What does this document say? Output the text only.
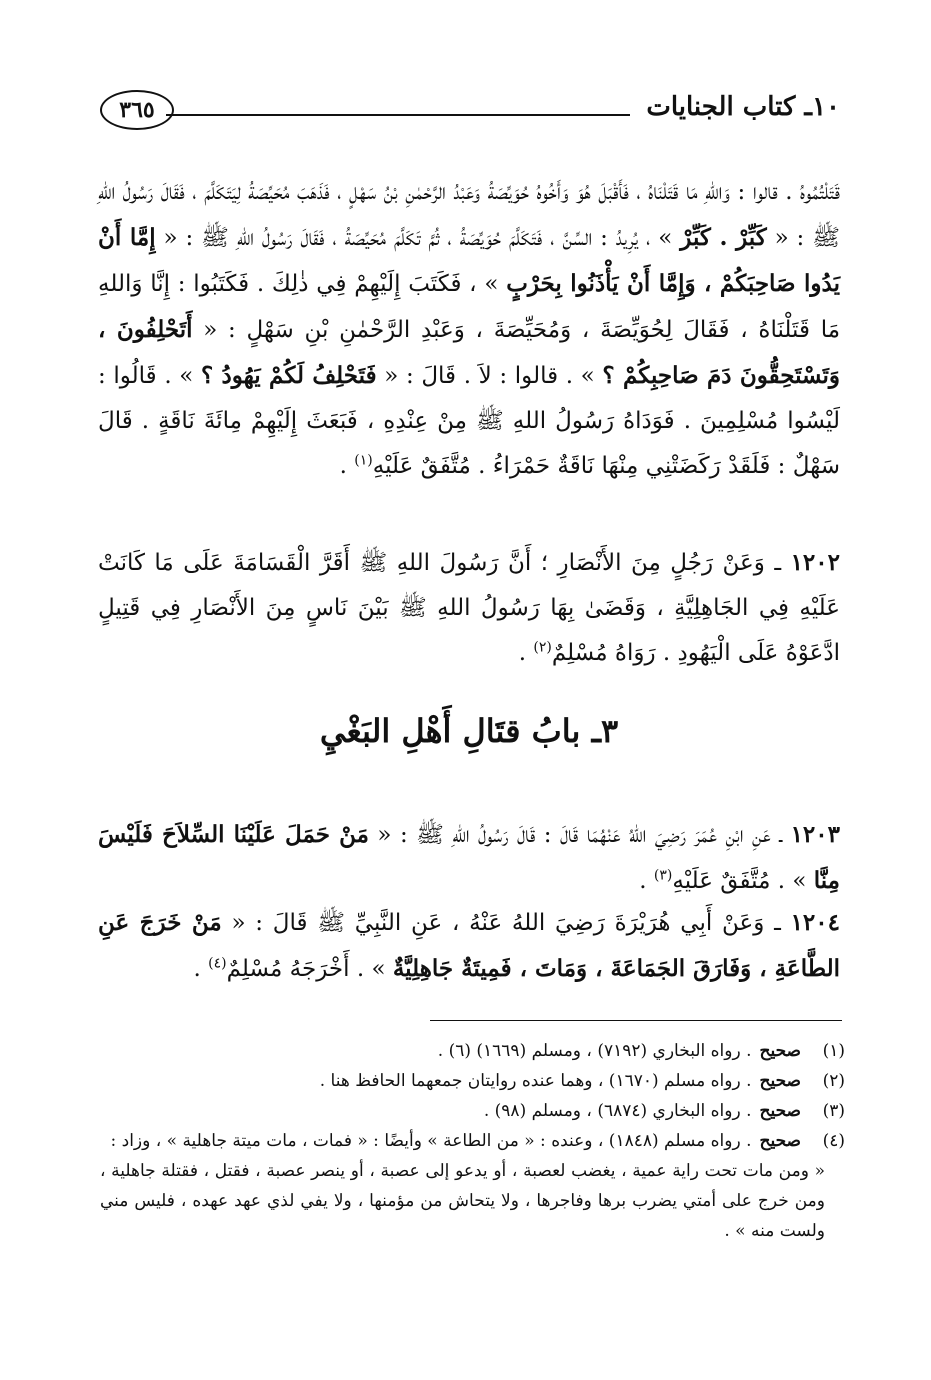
١٠ـ كتاب الجنايات
٣٦٥
قَتَلْتُمُوهُ . قالوا : وَاللهِ مَا قَتَلْنَاهُ ، فَأَقْبَلَ هُوَ وَأَخُوهُ حُوَيِّصَةُ وَعَبْدُ الرَّحْمٰنِ بْنُ سَهْلٍ ، فَذَهَبَ مُحَيِّصَةُ لِيَتَكَلَّمَ ، فَقَالَ رَسُولُ اللهِ ﷺ : « كَبِّرْ . كَبِّرْ » ، يُرِيدُ : السِّنَّ ، فَتَكَلَّمَ حُوَيِّصَةُ ، ثُمَّ تَكَلَّمَ مُحَيِّصَةُ ، فَقَالَ رَسُولُ اللهِ ﷺ : « إِمَّا أَنْ يَدُوا صَاحِبَكُمْ ، وَإِمَّا أَنْ يَأْذَنُوا بِحَرْبٍ » ، فَكَتَبَ إِلَيْهِمْ فِي ذٰلِكَ . فَكَتَبُوا : إِنَّا وَاللهِ مَا قَتَلْنَاهُ ، فَقَالَ لِحُوَيِّصَةَ ، وَمُحَيِّصَةَ ، وَعَبْدِ الرَّحْمٰنِ بْنِ سَهْلٍ : « أَتَحْلِفُونَ ، وَتَسْتَحِقُّونَ دَمَ صَاحِبِكُمْ ؟ » . قالوا : لاَ . قَالَ : « فَتَحْلِفُ لَكُمْ يَهُودُ ؟ » . قَالُوا : لَيْسُوا مُسْلِمِينَ . فَوَدَاهُ رَسُولُ اللهِ ﷺ مِنْ عِنْدِهِ ، فَبَعَثَ إِلَيْهِمْ مِائَةَ نَاقَةٍ . قَالَ سَهْلٌ : فَلَقَدْ رَكَضَتْنِي مِنْهَا نَاقَةٌ حَمْرَاءُ . مُتَّفَقٌ عَلَيْهِ$^{(١)}$ .
١٢٠٢ ـ وَعَنْ رَجُلٍ مِنَ الأَنْصَارِ ؛ أَنَّ رَسُولَ اللهِ ﷺ أَقَرَّ الْقَسَامَةَ عَلَى مَا كَانَتْ عَلَيْهِ فِي الجَاهِلِيَّةِ ، وَقَضَىٰ بِهَا رَسُولُ اللهِ ﷺ بَيْنَ نَاسٍ مِنَ الأَنْصَارِ فِي قَتِيلٍ ادَّعَوْهُ عَلَى الْيَهُودِ . رَوَاهُ مُسْلِمٌ$^{(٢)}$ .
٣ـ بابُ قتَالِ أَهْلِ البَغْيِ
١٢٠٣ ـ عَنِ ابْنِ عُمَرَ رَضِيَ اللهُ عَنْهُمَا قَالَ : قَالَ رَسُولُ اللهِ ﷺ : « مَنْ حَمَلَ عَلَيْنَا السِّلاَحَ فَلَيْسَ مِنَّا » . مُتَّفَقٌ عَلَيْهِ$^{(٣)}$ .
١٢٠٤ ـ وَعَنْ أَبِي هُرَيْرَةَ رَضِيَ اللهُ عَنْهُ ، عَنِ النَّبِيِّ ﷺ قَالَ : « مَنْ خَرَجَ عَنِ الطَّاعَةِ ، وَفَارَقَ الجَمَاعَةَ ، وَمَاتَ ، فَمِيتَةٌ جَاهِلِيَّةٌ » . أَخْرَجَهُ مُسْلِمٌ$^{(٤)}$ .
(١)
صحيح
. رواه البخاري (٧١٩٢) ، ومسلم (١٦٦٩) (٦) .
(٢)
صحيح
. رواه مسلم (١٦٧٠) ، وهما عنده روايتان جمعهما الحافظ هنا .
(٣)
صحيح
. رواه البخاري (٦٨٧٤) ، ومسلم (٩٨) .
(٤)
صحيح
. رواه مسلم (١٨٤٨) ، وعنده : « من الطاعة » وأيضًا : « فمات ، مات ميتة جاهلية » ، وزاد :
« ومن مات تحت راية عمية ، يغضب لعصبة ، أو يدعو إلى عصبة ، أو ينصر عصبة ، فقتل ، فقتلة جاهلية ، ومن خرج على أمتي يضرب برها وفاجرها ، ولا يتحاش من مؤمنها ، ولا يفي لذي عهد عهده ، فليس مني ولست منه » .
